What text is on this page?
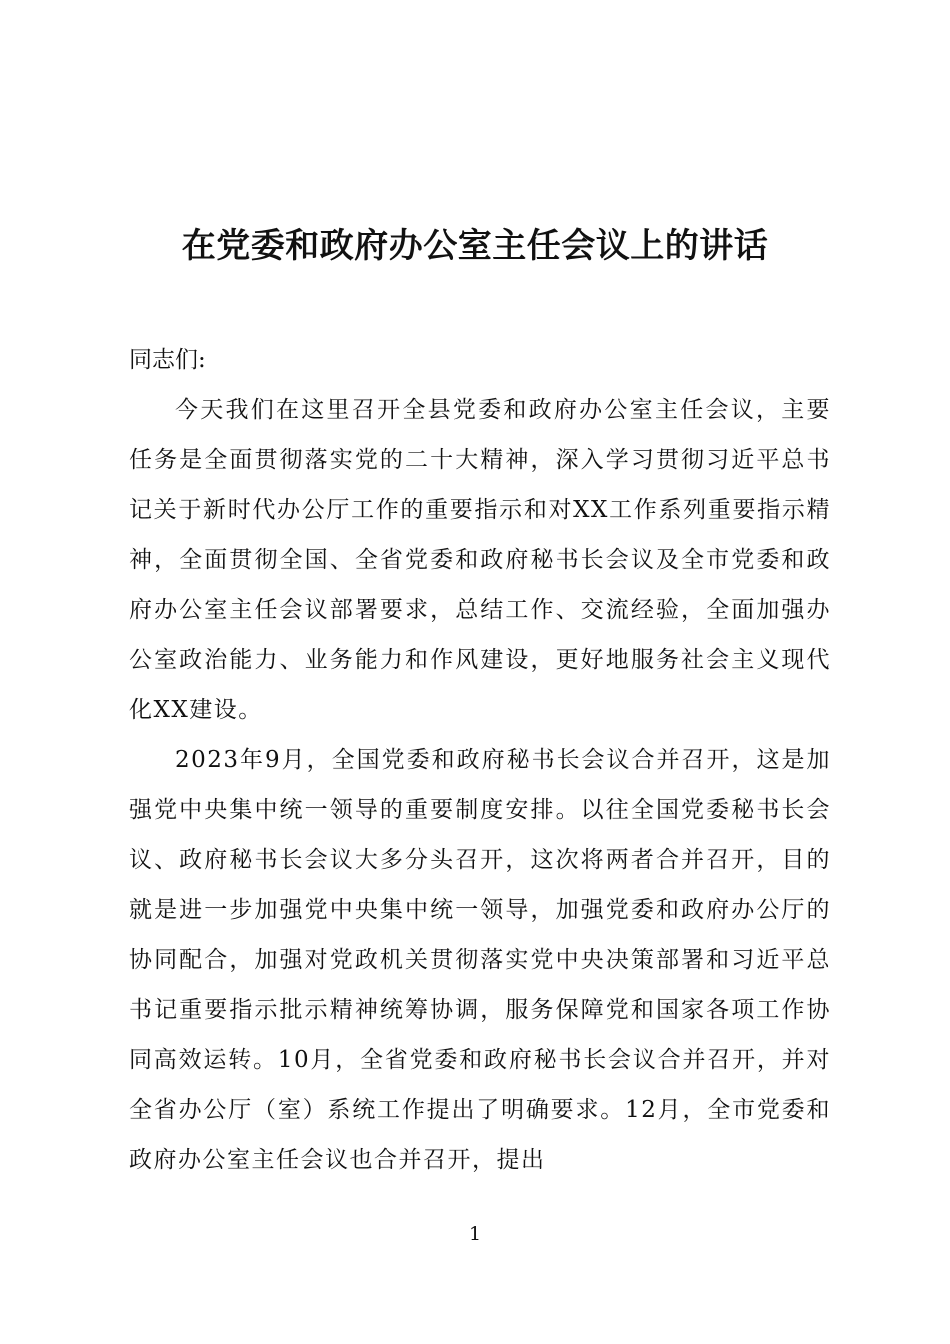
在党委和政府办公室主任会议上的讲话

同志们:

今天我们在这里召开全县党委和政府办公室主任会议，主要任务是全面贯彻落实党的二十大精神，深入学习贯彻习近平总书记关于新时代办公厅工作的重要指示和对XX工作系列重要指示精神，全面贯彻全国、全省党委和政府秘书长会议及全市党委和政府办公室主任会议部署要求，总结工作、交流经验，全面加强办公室政治能力、业务能力和作风建设，更好地服务社会主义现代化XX建设。

2023年9月，全国党委和政府秘书长会议合并召开，这是加强党中央集中统一领导的重要制度安排。以往全国党委秘书长会议、政府秘书长会议大多分头召开，这次将两者合并召开，目的就是进一步加强党中央集中统一领导，加强党委和政府办公厅的协同配合，加强对党政机关贯彻落实党中央决策部署和习近平总书记重要指示批示精神统筹协调，服务保障党和国家各项工作协同高效运转。10月，全省党委和政府秘书长会议合并召开，并对全省办公厅（室）系统工作提出了明确要求。12月，全市党委和政府办公室主任会议也合并召开，提出

1
